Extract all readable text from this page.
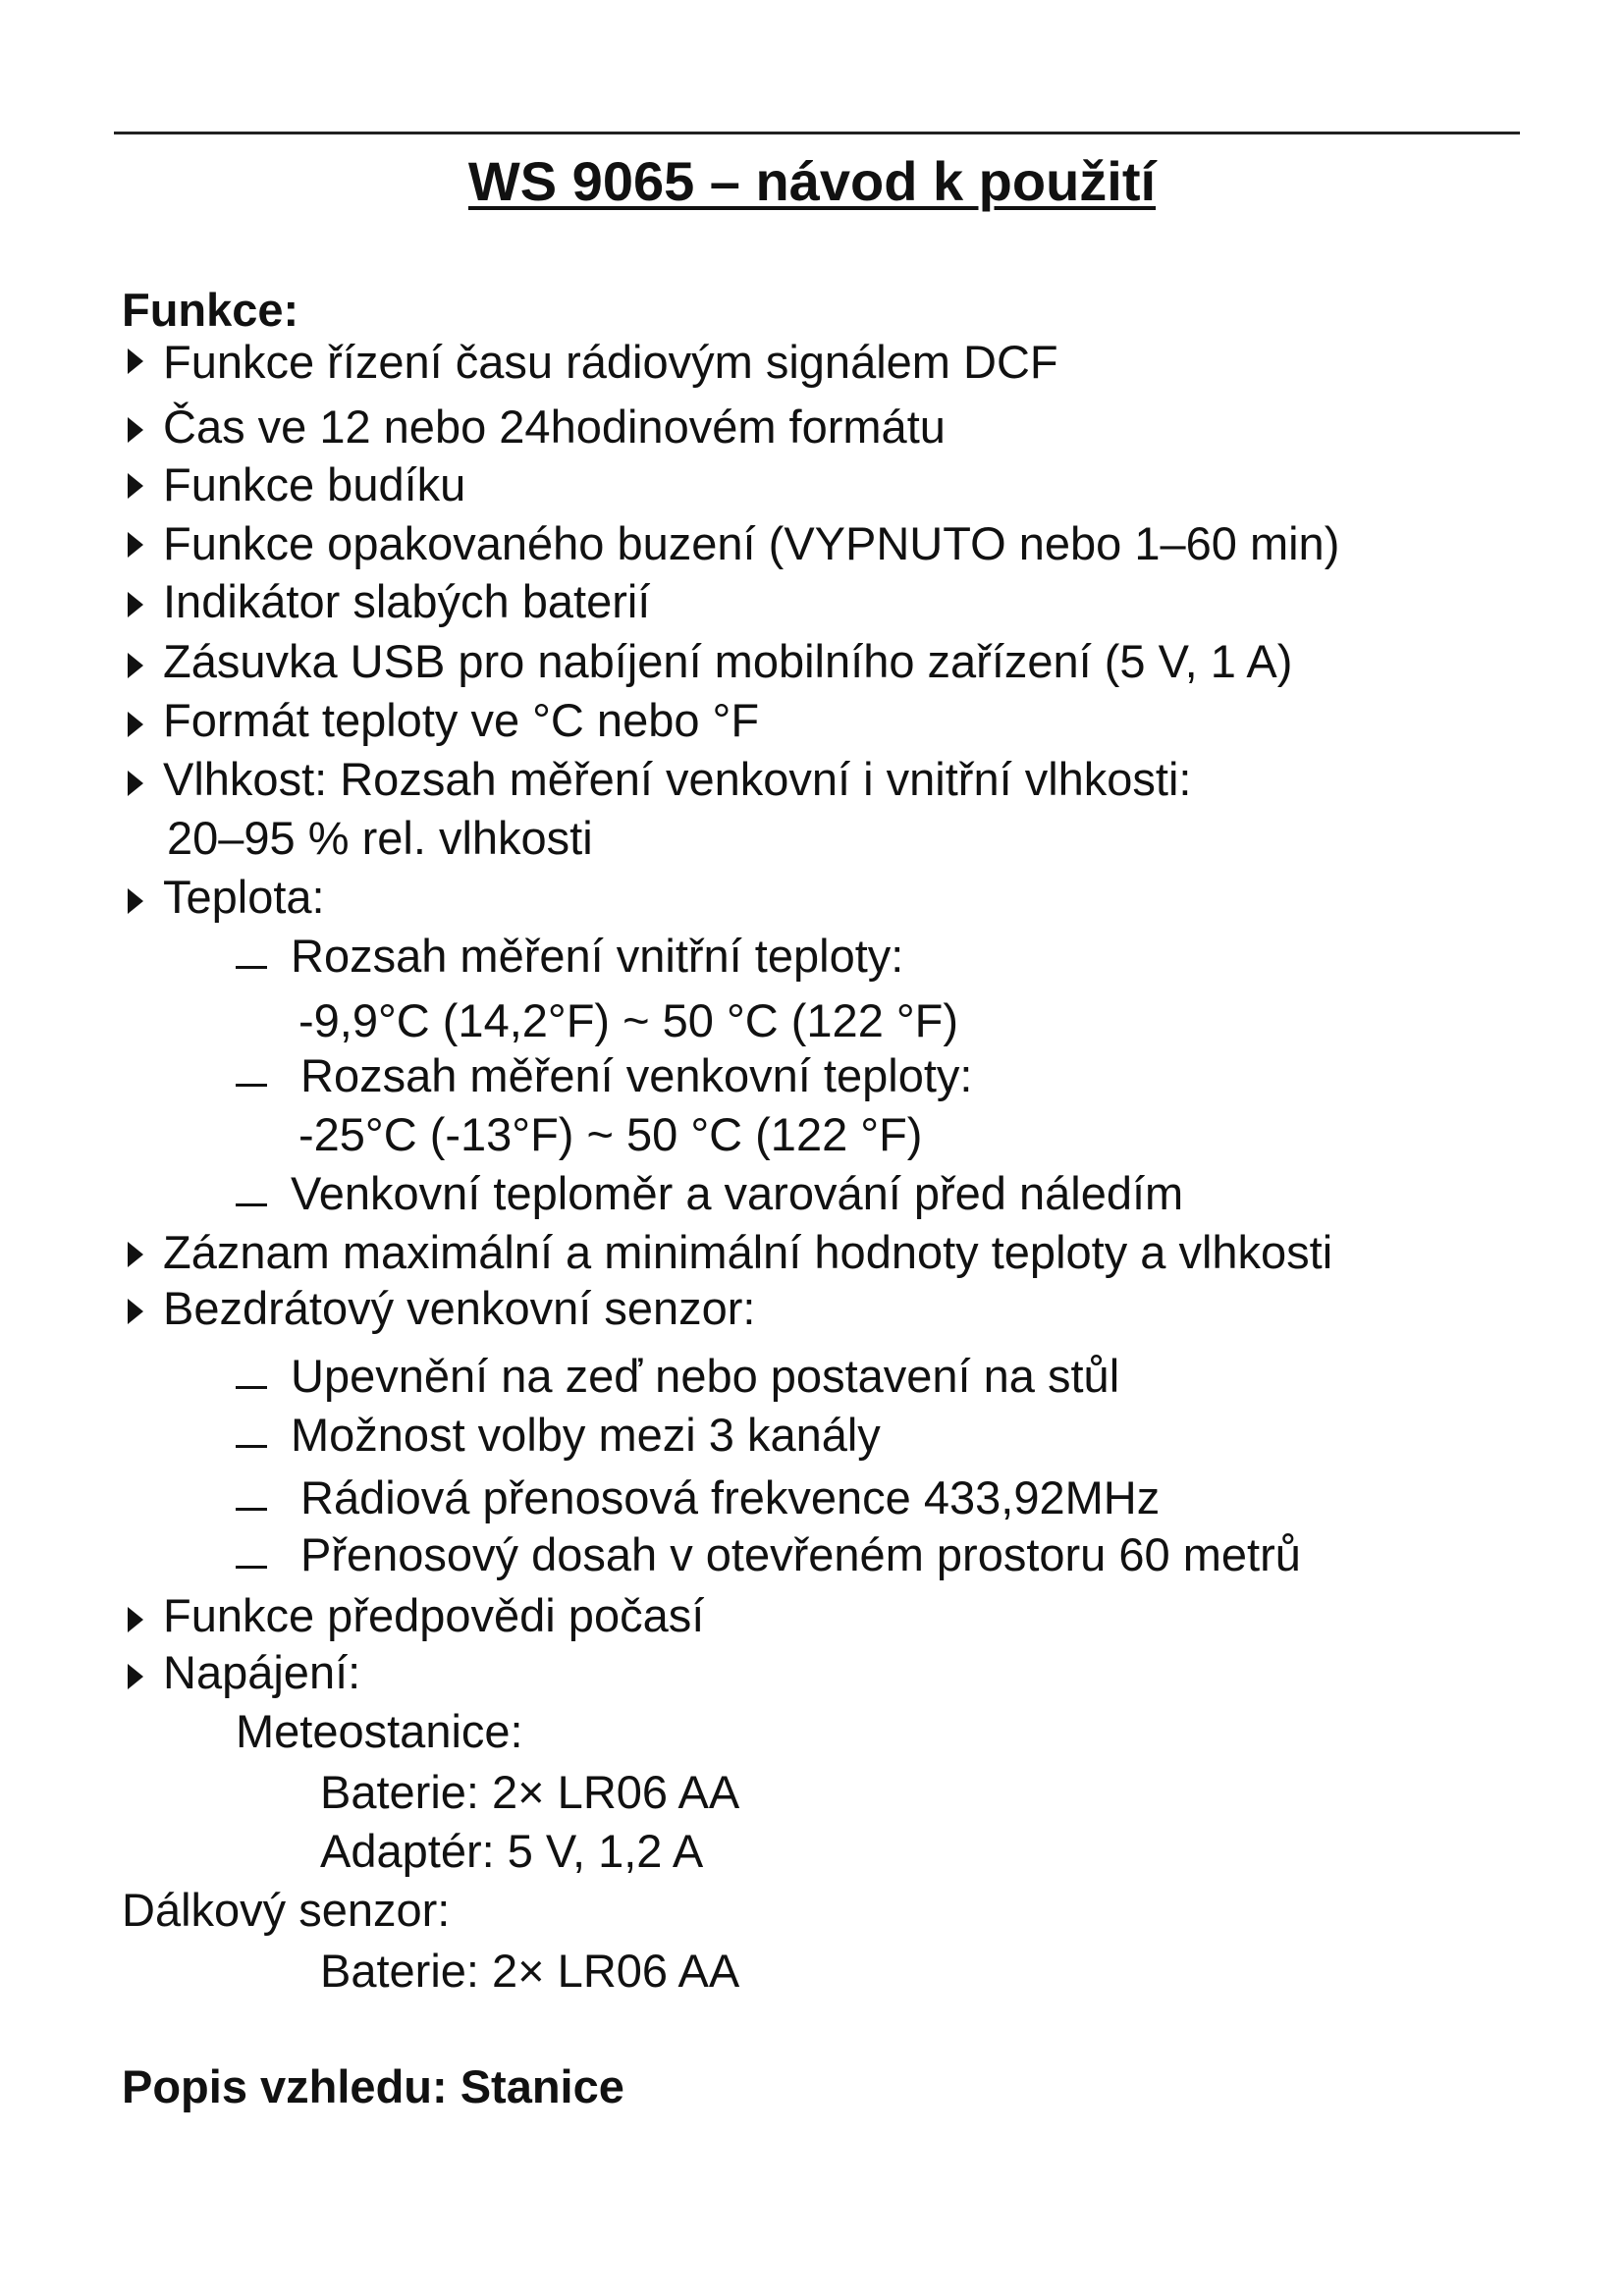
WS 9065 – návod k použití
Funkce:
Funkce řízení času rádiovým signálem DCF
Čas ve 12 nebo 24hodinovém formátu
Funkce budíku
Funkce opakovaného buzení (VYPNUTO nebo 1–60 min)
Indikátor slabých baterií
Zásuvka USB pro nabíjení mobilního zařízení (5 V, 1 A)
Formát teploty ve °C nebo °F
Vlhkost: Rozsah měření venkovní i vnitřní vlhkosti:
20–95 % rel. vlhkosti
Teplota:
Rozsah měření vnitřní teploty:
-9,9°C (14,2°F) ~ 50 °C (122 °F)
Rozsah měření venkovní teploty:
-25°C (-13°F) ~ 50 °C (122 °F)
Venkovní teploměr a varování před náledím
Záznam maximální a minimální hodnoty teploty a vlhkosti
Bezdrátový venkovní senzor:
Upevnění na zeď nebo postavení na stůl
Možnost volby mezi 3 kanály
Rádiová přenosová frekvence 433,92MHz
Přenosový dosah v otevřeném prostoru 60 metrů
Funkce předpovědi počasí
Napájení:
Meteostanice:
Baterie: 2× LR06 AA
Adaptér: 5 V, 1,2 A
Dálkový senzor:
Baterie: 2× LR06 AA
Popis vzhledu: Stanice
